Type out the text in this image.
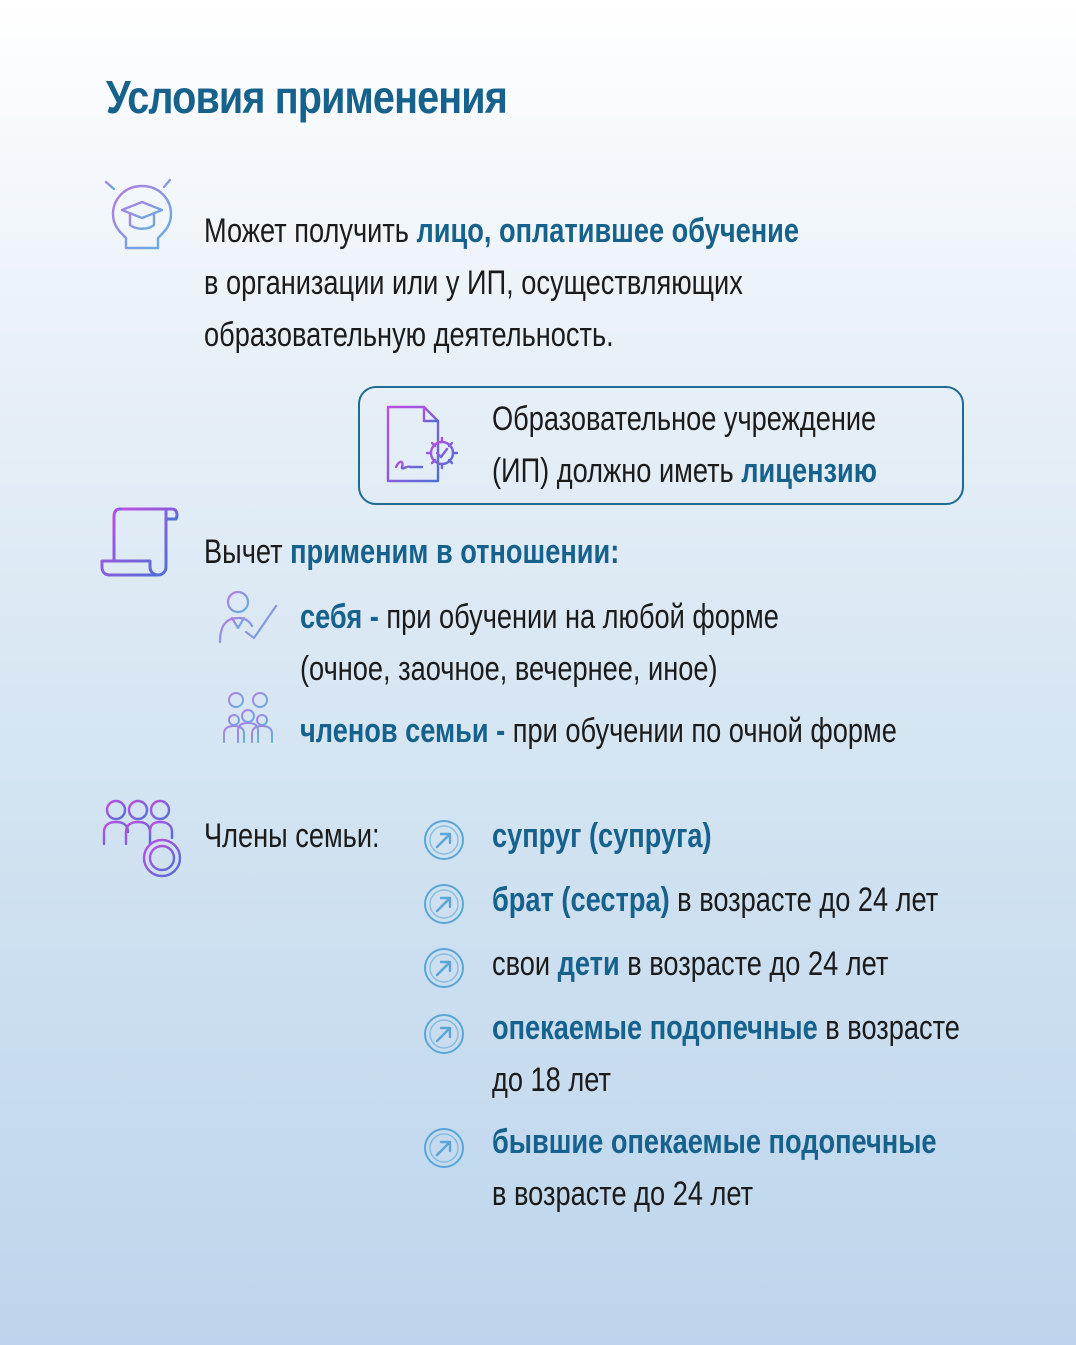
Условия применения
Может получить лицо, оплатившее обучение
в организации или у ИП, осуществляющих
образовательную деятельность.
Образовательное учреждение
(ИП) должно иметь лицензию
Вычет применим в отношении:
себя - при обучении на любой форме
(очное, заочное, вечернее, иное)
членов семьи - при обучении по очной форме
Члены семьи:	супруг (супруга)
брат (сестра) в возрасте до 24 лет
свои дети в возрасте до 24 лет
опекаемые подопечные в возрасте
до 18 лет
бывшие опекаемые подопечные
в возрасте до 24 лет
